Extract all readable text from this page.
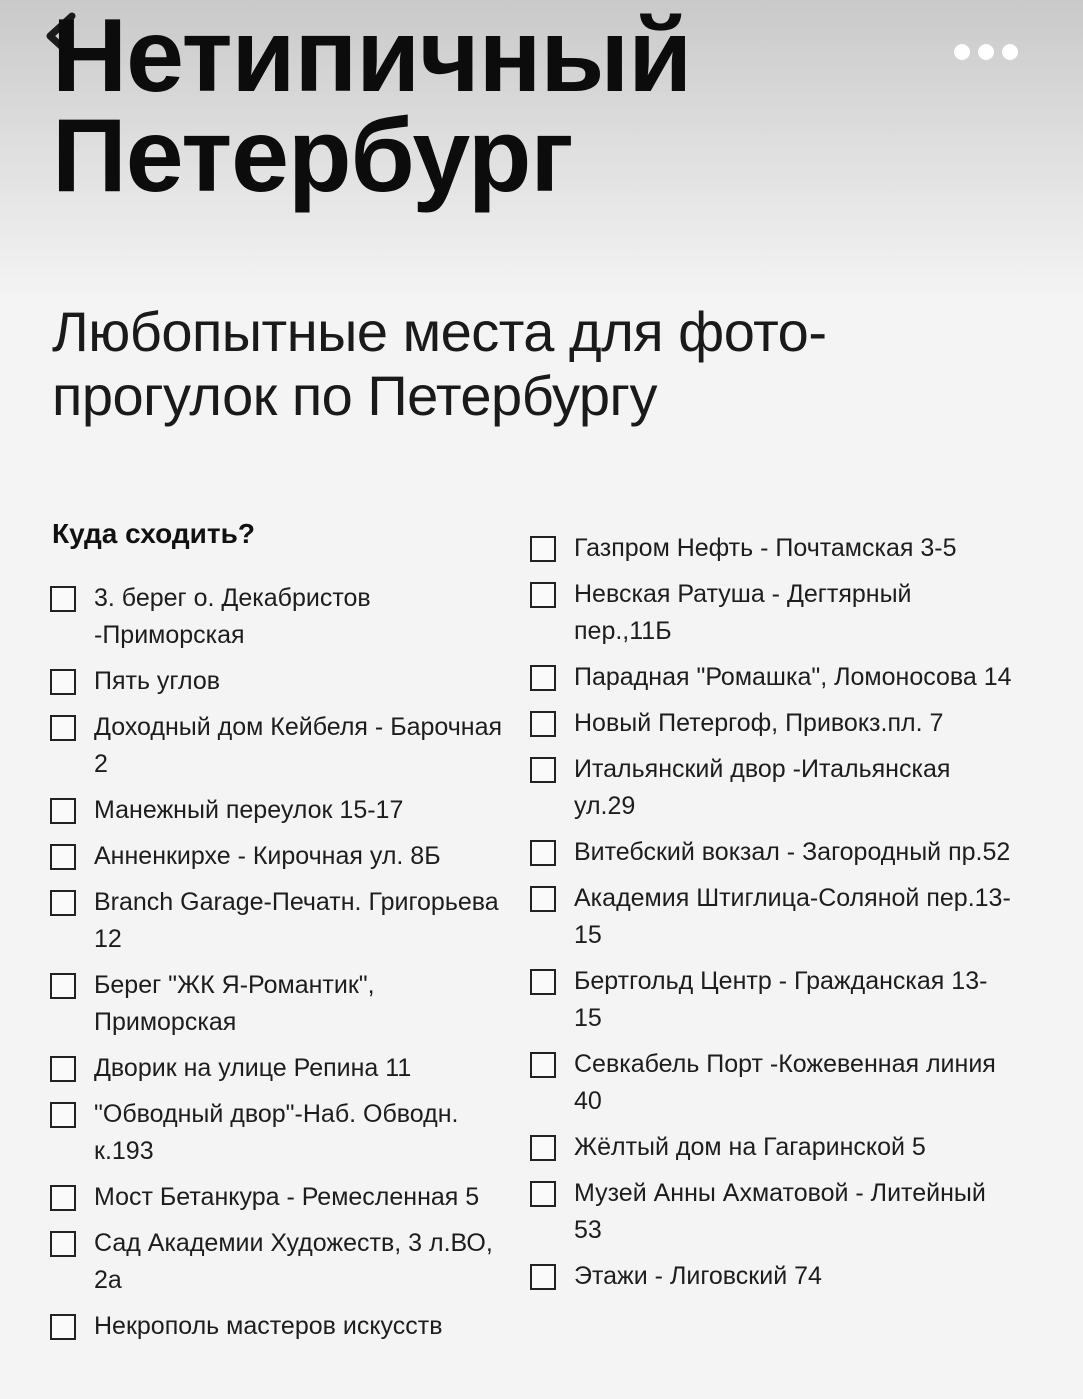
Нетипичный
Петербург
Любопытные места для фото-прогулок по Петербургу
Куда сходить?
3. берег о. Декабристов -Приморская
Пять углов
Доходный дом Кейбеля - Барочная 2
Манежный переулок 15-17
Анненкирхе - Кирочная ул. 8Б
Branch Garage-Печатн. Григорьева 12
Берег "ЖК Я-Романтик", Приморская
Дворик на улице Репина 11
"Обводный двор"-Наб. Обводн. к.193
Мост Бетанкура - Ремесленная 5
Сад Академии Художеств, 3 л.ВО, 2а
Некрополь мастеров искусств
Газпром Нефть - Почтамская 3-5
Невская Ратуша - Дегтярный пер.,11Б
Парадная "Ромашка", Ломоносова 14
Новый Петергоф, Привокз.пл. 7
Итальянский двор -Итальянская ул.29
Витебский вокзал - Загородный пр.52
Академия Штиглица-Соляной пер.13-15
Бертгольд Центр - Гражданская 13-15
Севкабель Порт -Кожевенная линия 40
Жёлтый дом на Гагаринской 5
Музей Анны Ахматовой - Литейный 53
Этажи - Лиговский 74
